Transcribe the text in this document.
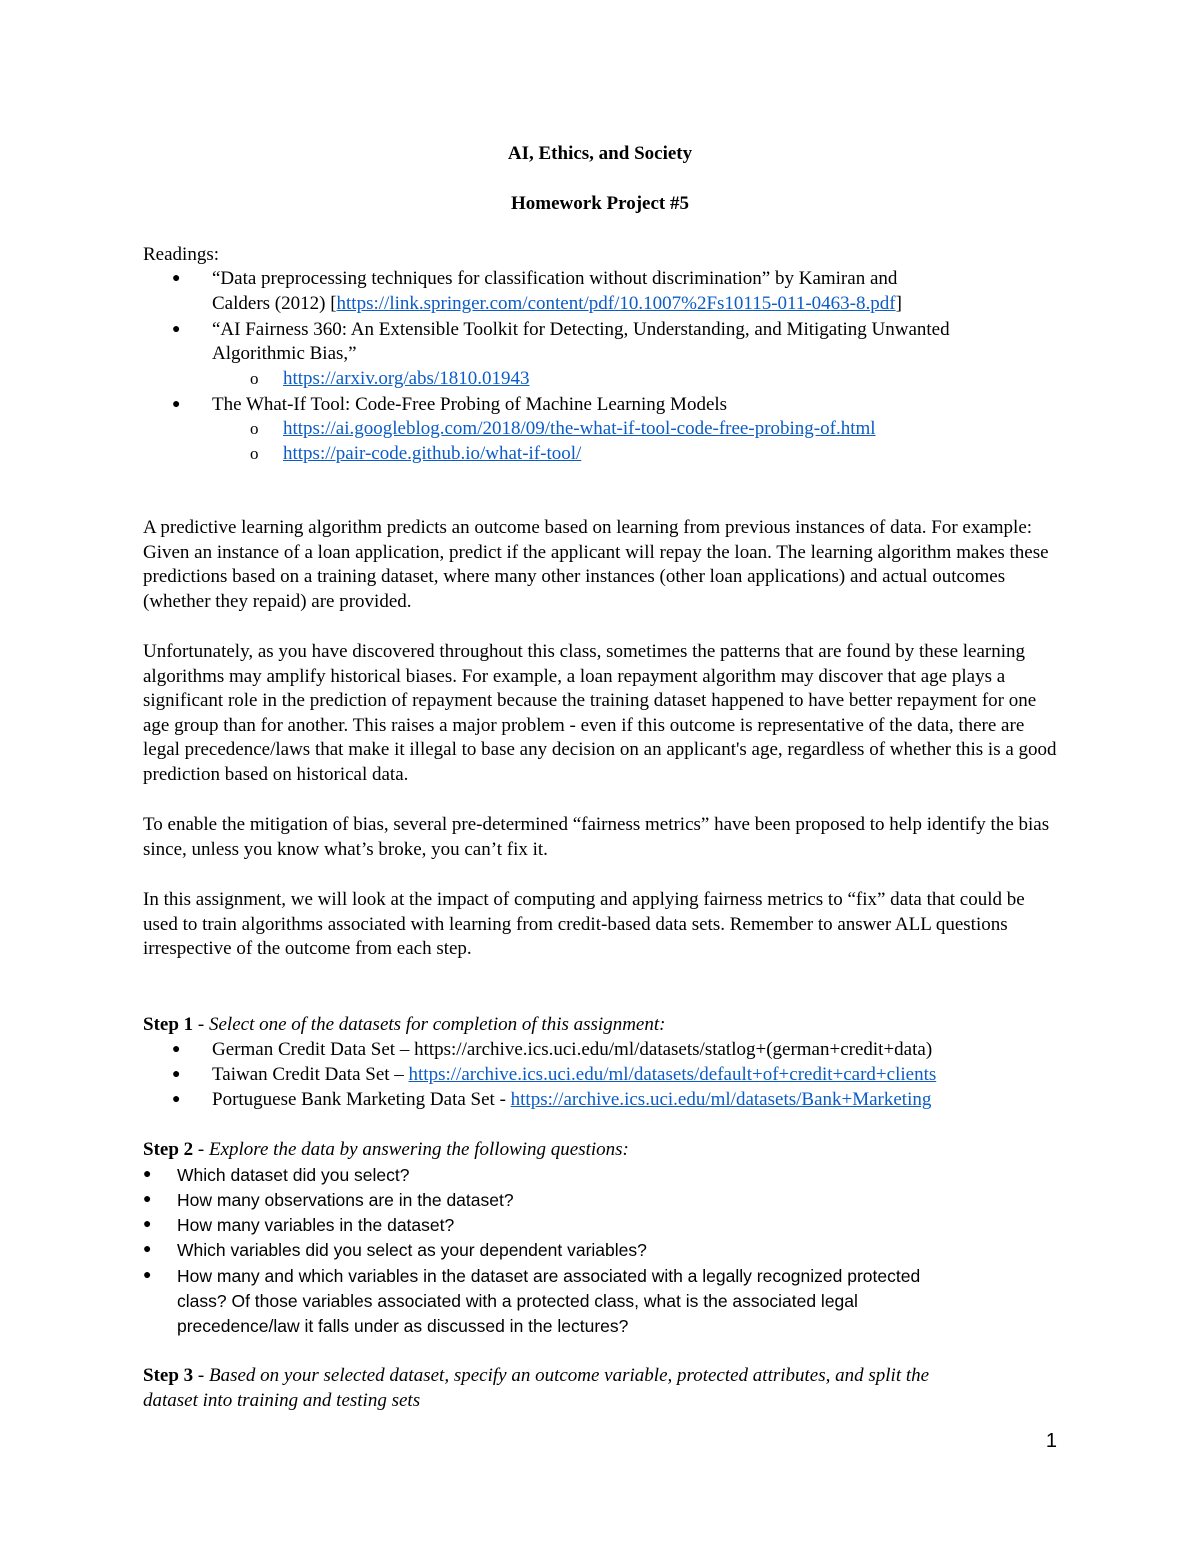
AI, Ethics, and Society
Homework Project #5
Readings:
● “Data preprocessing techniques for classification without discrimination” by Kamiran and
Calders (2012) [https://link.springer.com/content/pdf/10.1007%2Fs10115-011-0463-8.pdf]
● “AI Fairness 360: An Extensible Toolkit for Detecting, Understanding, and Mitigating Unwanted
Algorithmic Bias,”
o https://arxiv.org/abs/1810.01943
● The What-If Tool: Code-Free Probing of Machine Learning Models
o https://ai.googleblog.com/2018/09/the-what-if-tool-code-free-probing-of.html
o https://pair-code.github.io/what-if-tool/
A predictive learning algorithm predicts an outcome based on learning from previous instances of data. For example: Given an instance of a loan application, predict if the applicant will repay the loan. The learning algorithm makes these predictions based on a training dataset, where many other instances (other loan applications) and actual outcomes (whether they repaid) are provided.
Unfortunately, as you have discovered throughout this class, sometimes the patterns that are found by these learning algorithms may amplify historical biases. For example, a loan repayment algorithm may discover that age plays a significant role in the prediction of repayment because the training dataset happened to have better repayment for one age group than for another. This raises a major problem - even if this outcome is representative of the data, there are legal precedence/laws that make it illegal to base any decision on an applicant's age, regardless of whether this is a good prediction based on historical data.
To enable the mitigation of bias, several pre-determined “fairness metrics” have been proposed to help identify the bias since, unless you know what’s broke, you can’t fix it.
In this assignment, we will look at the impact of computing and applying fairness metrics to “fix” data that could be used to train algorithms associated with learning from credit-based data sets. Remember to answer ALL questions irrespective of the outcome from each step.
Step 1 - Select one of the datasets for completion of this assignment:
● German Credit Data Set – https://archive.ics.uci.edu/ml/datasets/statlog+(german+credit+data)
● Taiwan Credit Data Set – https://archive.ics.uci.edu/ml/datasets/default+of+credit+card+clients
● Portuguese Bank Marketing Data Set - https://archive.ics.uci.edu/ml/datasets/Bank+Marketing
Step 2 - Explore the data by answering the following questions:
● Which dataset did you select?
● How many observations are in the dataset?
● How many variables in the dataset?
● Which variables did you select as your dependent variables?
● How many and which variables in the dataset are associated with a legally recognized protected
class? Of those variables associated with a protected class, what is the associated legal
precedence/law it falls under as discussed in the lectures?
Step 3 - Based on your selected dataset, specify an outcome variable, protected attributes, and split the
dataset into training and testing sets
1
